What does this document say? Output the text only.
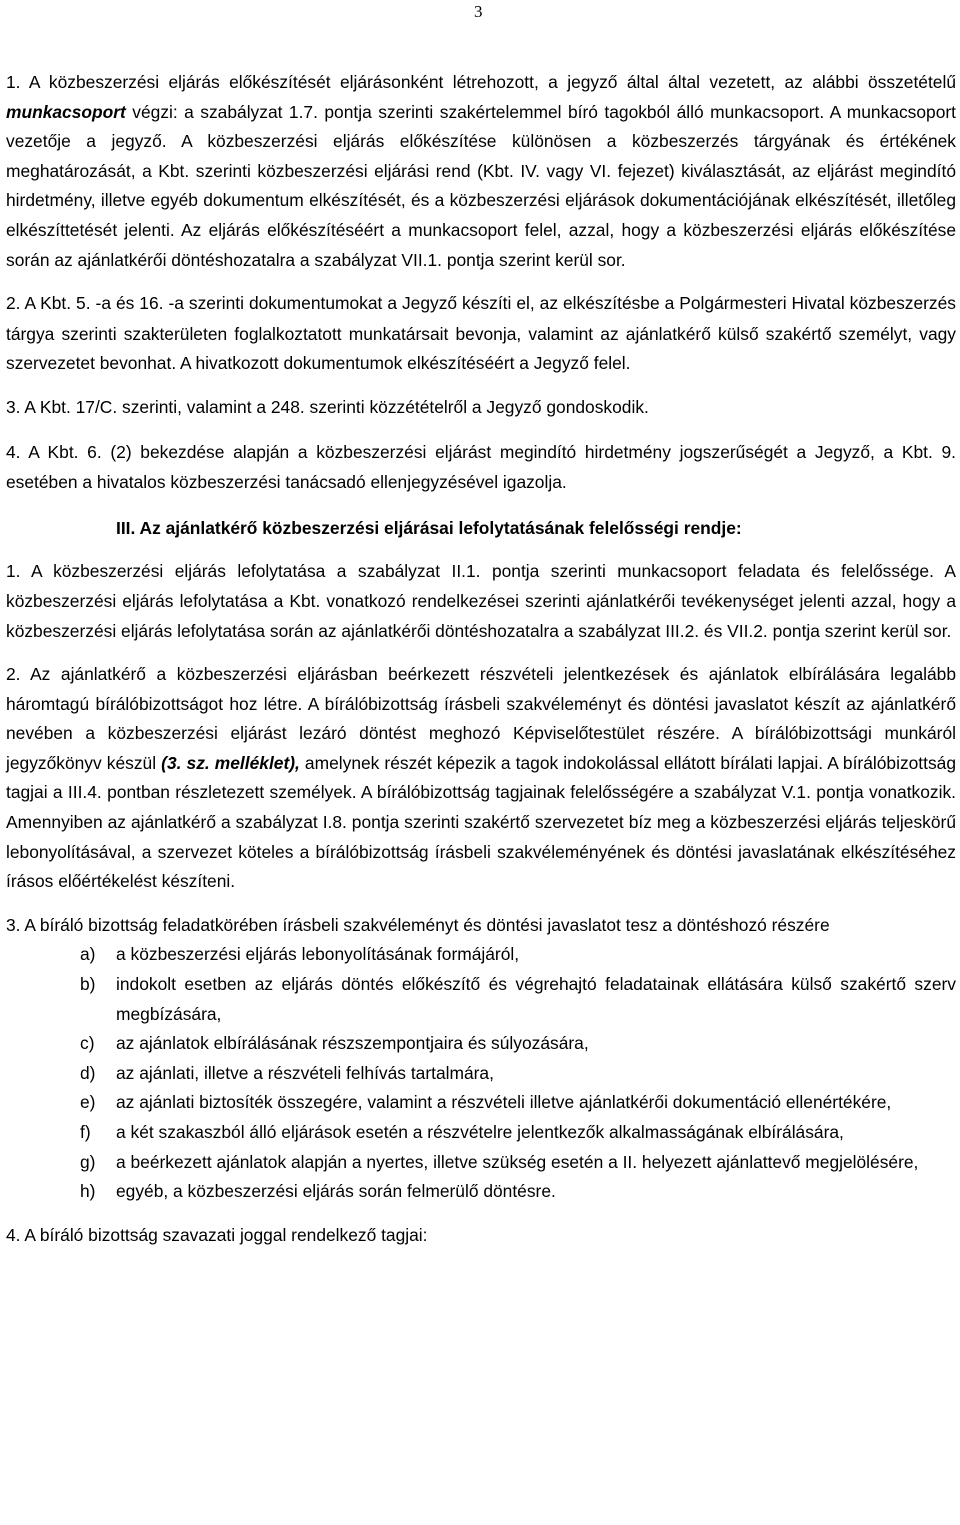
3

1. A közbeszerzési eljárás előkészítését eljárásonként létrehozott, a jegyző által által vezetett, az alábbi összetételű munkacsoport végzi: a szabályzat 1.7. pontja szerinti szakértelemmel bíró tagokból álló munkacsoport. A munkacsoport vezetője a jegyző. A közbeszerzési eljárás előkészítése különösen a közbeszerzés tárgyának és értékének meghatározását, a Kbt. szerinti közbeszerzési eljárási rend (Kbt. IV. vagy VI. fejezet) kiválasztását, az eljárást megindító hirdetmény, illetve egyéb dokumentum elkészítését, és a közbeszerzési eljárások dokumentációjának elkészítését, illetőleg elkészíttetését jelenti. Az eljárás előkészítéséért a munkacsoport felel, azzal, hogy a közbeszerzési eljárás előkészítése során az ajánlatkérői döntéshozatalra a szabályzat VII.1. pontja szerint kerül sor.

2. A Kbt. 5. -a és 16. -a szerinti dokumentumokat a Jegyző készíti el, az elkészítésbe a Polgármesteri Hivatal közbeszerzés tárgya szerinti szakterületen foglalkoztatott munkatársait bevonja, valamint az ajánlatkérő külső szakértő személyt, vagy szervezetet bevonhat. A hivatkozott dokumentumok elkészítéséért a Jegyző felel.

3. A Kbt. 17/C. szerinti, valamint a 248. szerinti közzétételről a Jegyző gondoskodik.

4. A Kbt. 6. (2) bekezdése alapján a közbeszerzési eljárást megindító hirdetmény jogszerűségét a Jegyző, a Kbt. 9. esetében a hivatalos közbeszerzési tanácsadó ellenjegyzésével igazolja.

III. Az ajánlatkérő közbeszerzési eljárásai lefolytatásának felelősségi rendje:

1. A közbeszerzési eljárás lefolytatása a szabályzat II.1. pontja szerinti munkacsoport feladata és felelőssége. A közbeszerzési eljárás lefolytatása a Kbt. vonatkozó rendelkezései szerinti ajánlatkérői tevékenységet jelenti azzal, hogy a közbeszerzési eljárás lefolytatása során az ajánlatkérői döntéshozatalra a szabályzat III.2. és VII.2. pontja szerint kerül sor.

2. Az ajánlatkérő a közbeszerzési eljárásban beérkezett részvételi jelentkezések és ajánlatok elbírálására legalább háromtagú bírálóbizottságot hoz létre. A bírálóbizottság írásbeli szakvéleményt és döntési javaslatot készít az ajánlatkérő nevében a közbeszerzési eljárást lezáró döntést meghozó Képviselőtestület részére. A bírálóbizottsági munkáról jegyzőkönyv készül (3. sz. melléklet), amelynek részét képezik a tagok indokolással ellátott bírálati lapjai. A bírálóbizottság tagjai a III.4. pontban részletezett személyek. A bírálóbizottság tagjainak felelősségére a szabályzat V.1. pontja vonatkozik. Amennyiben az ajánlatkérő a szabályzat I.8. pontja szerinti szakértő szervezetet bíz meg a közbeszerzési eljárás teljeskörű lebonyolításával, a szervezet köteles a bírálóbizottság írásbeli szakvéleményének és döntési javaslatának elkészítéséhez írásos előértékelést készíteni.

3. A bíráló bizottság feladatkörében írásbeli szakvéleményt és döntési javaslatot tesz a döntéshozó részére

a) a közbeszerzési eljárás lebonyolításának formájáról,
b) indokolt esetben az eljárás döntés előkészítő és végrehajtó feladatainak ellátására külső szakértő szerv megbízására,
c) az ajánlatok elbírálásának részszempontjaira és súlyozására,
d) az ajánlati, illetve a részvételi felhívás tartalmára,
e) az ajánlati biztosíték összegére, valamint a részvételi illetve ajánlatkérői dokumentáció ellenértékére,
f) a két szakaszból álló eljárások esetén a részvételre jelentkezők alkalmasságának elbírálására,
g) a beérkezett ajánlatok alapján a nyertes, illetve szükség esetén a II. helyezett ajánlattevő megjelölésére,
h) egyéb, a közbeszerzési eljárás során felmerülő döntésre.

4. A bíráló bizottság szavazati joggal rendelkező tagjai:
